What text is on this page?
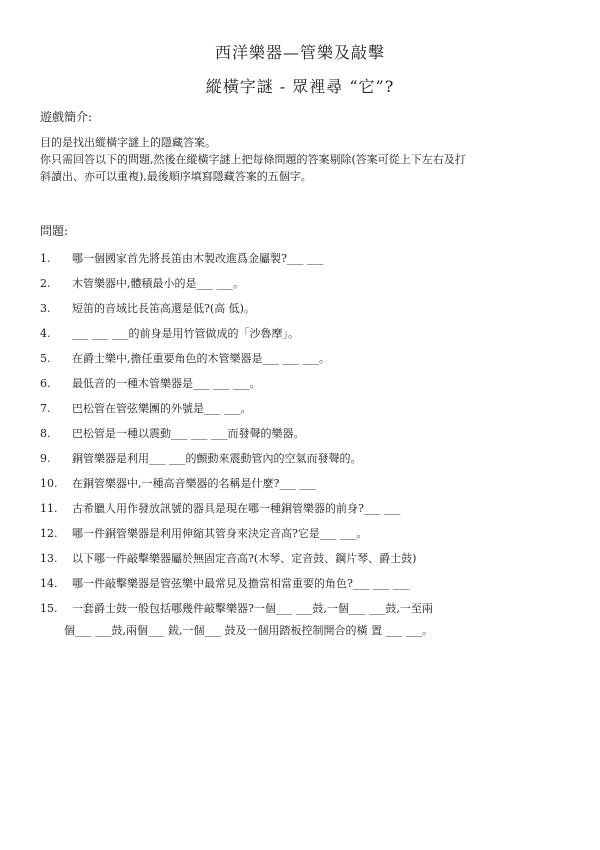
西洋樂器—管樂及敲擊
縱橫字謎 - 眾裡尋 “它”?
遊戲簡介:
目的是找出縱橫字謎上的隱藏答案。
你只需回答以下的問題,然後在縱橫字謎上把每條問題的答案剔除(答案可從上下左右及打
斜讀出、亦可以重複),最後順序填寫隱藏答案的五個字。
問題:
1. 哪一個國家首先將長笛由木製改進爲金屬製?___ ___
2. 木管樂器中,體積最小的是___ ___。
3. 短笛的音域比長笛高還是低?(高 低)。
4. ___ ___ ___的前身是用竹管做成的「沙魯摩」。
5. 在爵士樂中,擔任重要角色的木管樂器是___ ___ ___。
6. 最低音的一種木管樂器是___ ___ ___。
7. 巴松管在管弦樂團的外號是___ ___。
8. 巴松管是一種以震動___ ___ ___而發聲的樂器。
9. 銅管樂器是利用___ ___的顫動來震動管內的空氣而發聲的。
10. 在銅管樂器中,一種高音樂器的名稱是什麼?___ ___
11. 古希臘人用作發放訊號的器具是現在哪一種銅管樂器的前身?___ ___
12. 哪一件銅管樂器是利用伸縮其管身來決定音高?它是___ ___。
13. 以下哪一件敲擊樂器屬於無固定音高?(木琴、定音鼓、鋼片琴、爵士鼓)
14. 哪一件敲擊樂器是管弦樂中最常見及擔當相當重要的角色?___ ___ ___
15. 一套爵士鼓一般包括哪幾件敲擊樂器?一個___ ___鼓,一個___ ___鼓,一至兩
個___ ___鼓,兩個___ 鈸,一個___ 鼓及一個用踏板控制開合的橫 置 ___ ___。
